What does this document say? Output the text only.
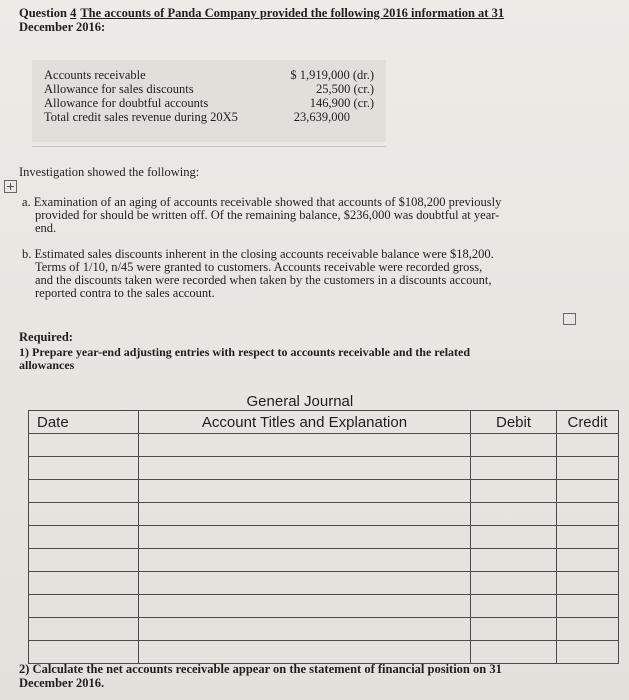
Question 4 The accounts of Panda Company provided the following 2016 information at 31
December 2016:
Accounts receivable	$ 1,919,000 (dr.)
Allowance for sales discounts	25,500 (cr.)
Allowance for doubtful accounts	146,900 (cr.)
Total credit sales revenue during 20X5	23,639,000
Investigation showed the following:
+
a. Examination of an aging of accounts receivable showed that accounts of $108,200 previously
provided for should be written off. Of the remaining balance, $236,000 was doubtful at year-
end.
b. Estimated sales discounts inherent in the closing accounts receivable balance were $18,200.
Terms of 1/10, n/45 were granted to customers. Accounts receivable were recorded gross,
and the discounts taken were recorded when taken by the customers in a discounts account,
reported contra to the sales account.
Required:
1) Prepare year-end adjusting entries with respect to accounts receivable and the related
allowances
	General Journal		
Date	Account Titles and Explanation	Debit	Credit

2) Calculate the net accounts receivable appear on the statement of financial position on 31
December 2016.
